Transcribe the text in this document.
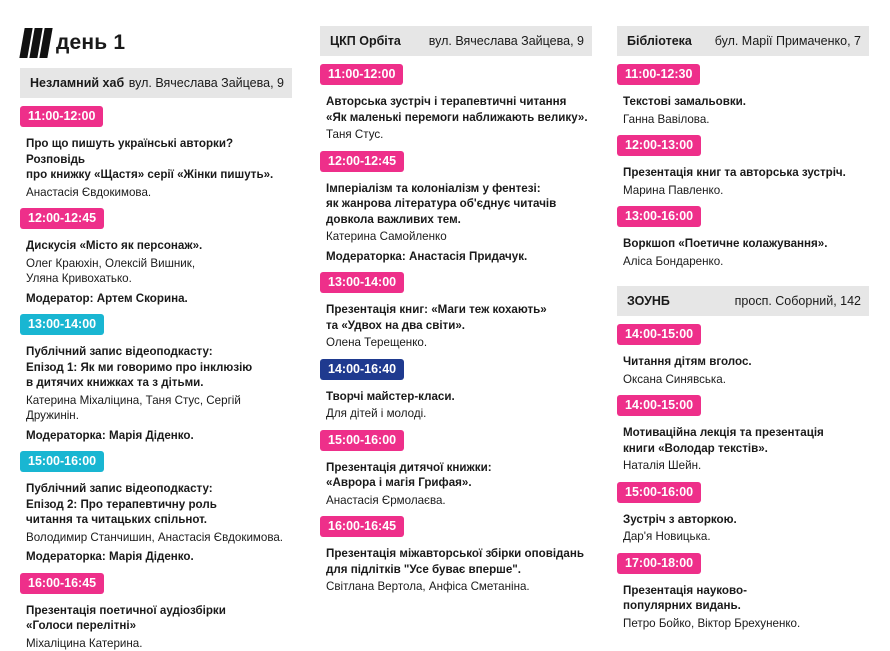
день 1
Незламний хаб вул. Вячеслава Зайцева, 9
11:00-12:00
Про що пишуть українські авторки? Розповідь
про книжку «Щастя» серії «Жінки пишуть».
Анастасія Євдокимова.
12:00-12:45
Дискусія «Місто як персонаж».
Олег Краюхін, Олексій Вишник,
Уляна Кривохатько.
Модератор: Артем Скорина.
13:00-14:00
Публічний запис відеоподкасту:
Епізод 1: Як ми говоримо про інклюзію
в дитячих книжках та з дітьми.
Катерина Міхаліцина, Таня Стус, Сергій Дружинін.
Модераторка: Марія Діденко.
15:00-16:00
Публічний запис відеоподкасту:
Епізод 2: Про терапевтичну роль
читання та читацьких спільнот.
Володимир Станчишин, Анастасія Євдокимова.
Модераторка: Марія Діденко.
16:00-16:45
Презентація поетичної аудіозбірки
«Голоси перелітні»
Міхаліцина Катерина.
ЦКП Орбіта вул. Вячеслава Зайцева, 9
11:00-12:00
Авторська зустріч і терапевтичні читання
«Як маленькі перемоги наближають велику».
Таня Стус.
12:00-12:45
Імперіалізм та колоніалізм у фентезі:
як жанрова література об'єднує читачів
довкола важливих тем.
Катерина Самойленко
Модераторка: Анастасія Придачук.
13:00-14:00
Презентація книг: «Маги теж кохають»
та «Удвох на два світи».
Олена Терещенко.
14:00-16:40
Творчі майстер-класи.
Для дітей і молоді.
15:00-16:00
Презентація дитячої книжки:
«Аврора і магія Грифая».
Анастасія Єрмолаєва.
16:00-16:45
Презентація міжавторської збірки оповідань
для підлітків "Усе буває вперше".
Світлана Вертола, Анфіса Сметаніна.
Бібліотека бул. Марії Примаченко, 7
11:00-12:30
Текстові замальовки.
Ганна Вавілова.
12:00-13:00
Презентація книг та авторська зустріч.
Марина Павленко.
13:00-16:00
Воркшоп «Поетичне колажування».
Аліса Бондаренко.
ЗОУНБ	просп. Соборний, 142
14:00-15:00
Читання дітям вголос.
Оксана Синявська.
14:00-15:00
Мотиваційна лекція та презентація
книги «Володар текстів».
Наталія Шейн.
15:00-16:00
Зустріч з авторкою.
Дар'я Новицька.
17:00-18:00
Презентація науково-
популярних видань.
Петро Бойко, Віктор Брехуненко.
